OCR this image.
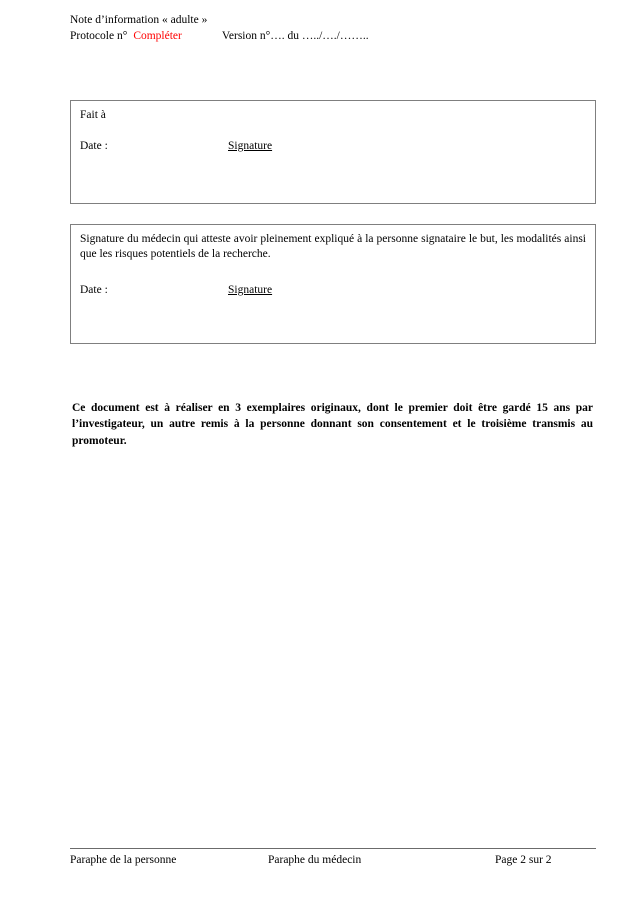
Note d’information « adulte »
Protocole n° Compléter	Version n°…. du …../…./……..
Fait à
Date :	Signature

Signature du médecin qui atteste avoir pleinement expliqué à la personne signataire le but, les modalités ainsi que les risques potentiels de la recherche.

Date :	Signature

Ce document est à réaliser en 3 exemplaires originaux, dont le premier doit être gardé 15 ans par l’investigateur, un autre remis à la personne donnant son consentement et le troisième transmis au promoteur.

Paraphe de la personne	Paraphe du médecin	Page 2 sur 2
